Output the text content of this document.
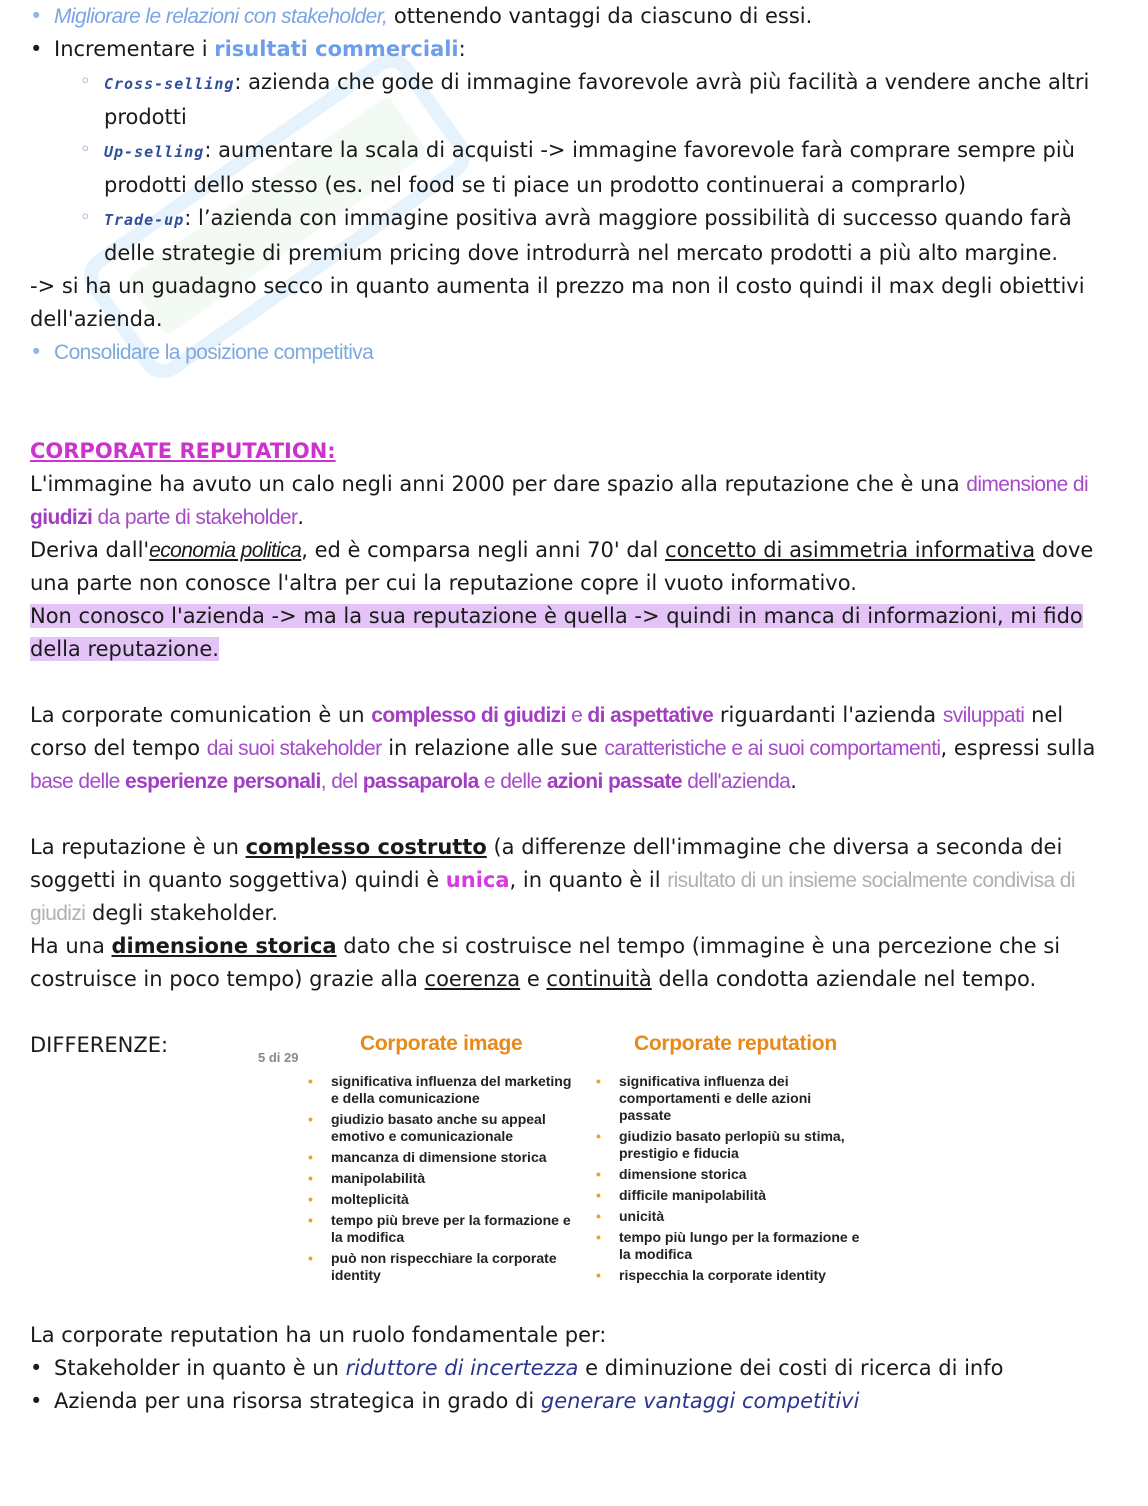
• Migliorare le relazioni con stakeholder, ottenendo vantaggi da ciascuno di essi.
• Incrementare i risultati commerciali:
◦ Cross-selling: azienda che gode di immagine favorevole avrà più facilità a vendere anche altri prodotti
◦ Up-selling: aumentare la scala di acquisti -> immagine favorevole farà comprare sempre più prodotti dello stesso (es. nel food se ti piace un prodotto continuerai a comprarlo)
◦ Trade-up: l’azienda con immagine positiva avrà maggiore possibilità di successo quando farà delle strategie di premium pricing dove introdurrà nel mercato prodotti a più alto margine.

-> si ha un guadagno secco in quanto aumenta il prezzo ma non il costo quindi il max degli obiettivi dell'azienda.

• Consolidare la posizione competitiva

CORPORATE REPUTATION:

L'immagine ha avuto un calo negli anni 2000 per dare spazio alla reputazione che è una dimensione di giudizi da parte di stakeholder.

Deriva dall'economia politica, ed è comparsa negli anni 70' dal concetto di asimmetria informativa dove una parte non conosce l'altra per cui la reputazione copre il vuoto informativo.

Non conosco l'azienda -> ma la sua reputazione è quella -> quindi in manca di informazioni, mi fido della reputazione.

La corporate comunication è un complesso di giudizi e di aspettative riguardanti l'azienda sviluppati nel corso del tempo dai suoi stakeholder in relazione alle sue caratteristiche e ai suoi comportamenti, espressi sulla base delle esperienze personali, del passaparola e delle azioni passate dell'azienda.

La reputazione è un complesso costrutto (a differenze dell'immagine che diversa a seconda dei soggetti in quanto soggettiva) quindi è unica, in quanto è il risultato di un insieme socialmente condivisa di giudizi degli stakeholder.

Ha una dimensione storica dato che si costruisce nel tempo (immagine è una percezione che si costruisce in poco tempo) grazie alla coerenza e continuità della condotta aziendale nel tempo.

DIFFERENZE:
5 di 29
Corporate image
• significativa influenza del marketing e della comunicazione
• giudizio basato anche su appeal emotivo e comunicazionale
• mancanza di dimensione storica
• manipolabilità
• molteplicità
• tempo più breve per la formazione e la modifica
• può non rispecchiare la corporate identity
Corporate reputation
• significativa influenza dei comportamenti e delle azioni passate
• giudizio basato perlopiù su stima, prestigio e fiducia
• dimensione storica
• difficile manipolabilità
• unicità
• tempo più lungo per la formazione e la modifica
• rispecchia la corporate identity

La corporate reputation ha un ruolo fondamentale per:

• Stakeholder in quanto è un riduttore di incertezza e diminuzione dei costi di ricerca di info
• Azienda per una risorsa strategica in grado di generare vantaggi competitivi
